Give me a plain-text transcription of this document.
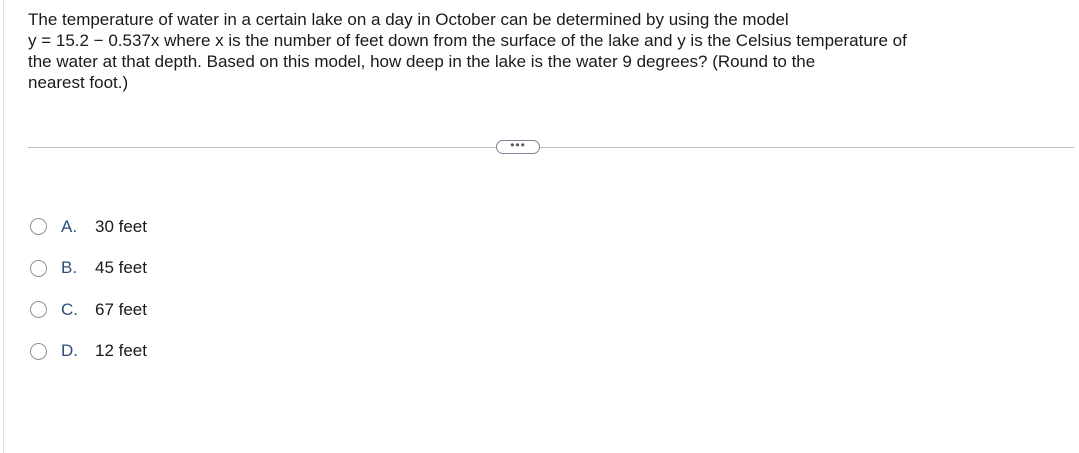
The temperature of water in a certain lake on a day in October can be determined by using the model

y = 15.2 − 0.537x where x is the number of feet down from the surface of the lake and y is the Celsius temperature of

the water at that depth. Based on this model, how deep in the lake is the water 9 degrees? (Round to the

nearest foot.)

•••
A.	30 feet
B.	45 feet
C.	67 feet
D.	12 feet
